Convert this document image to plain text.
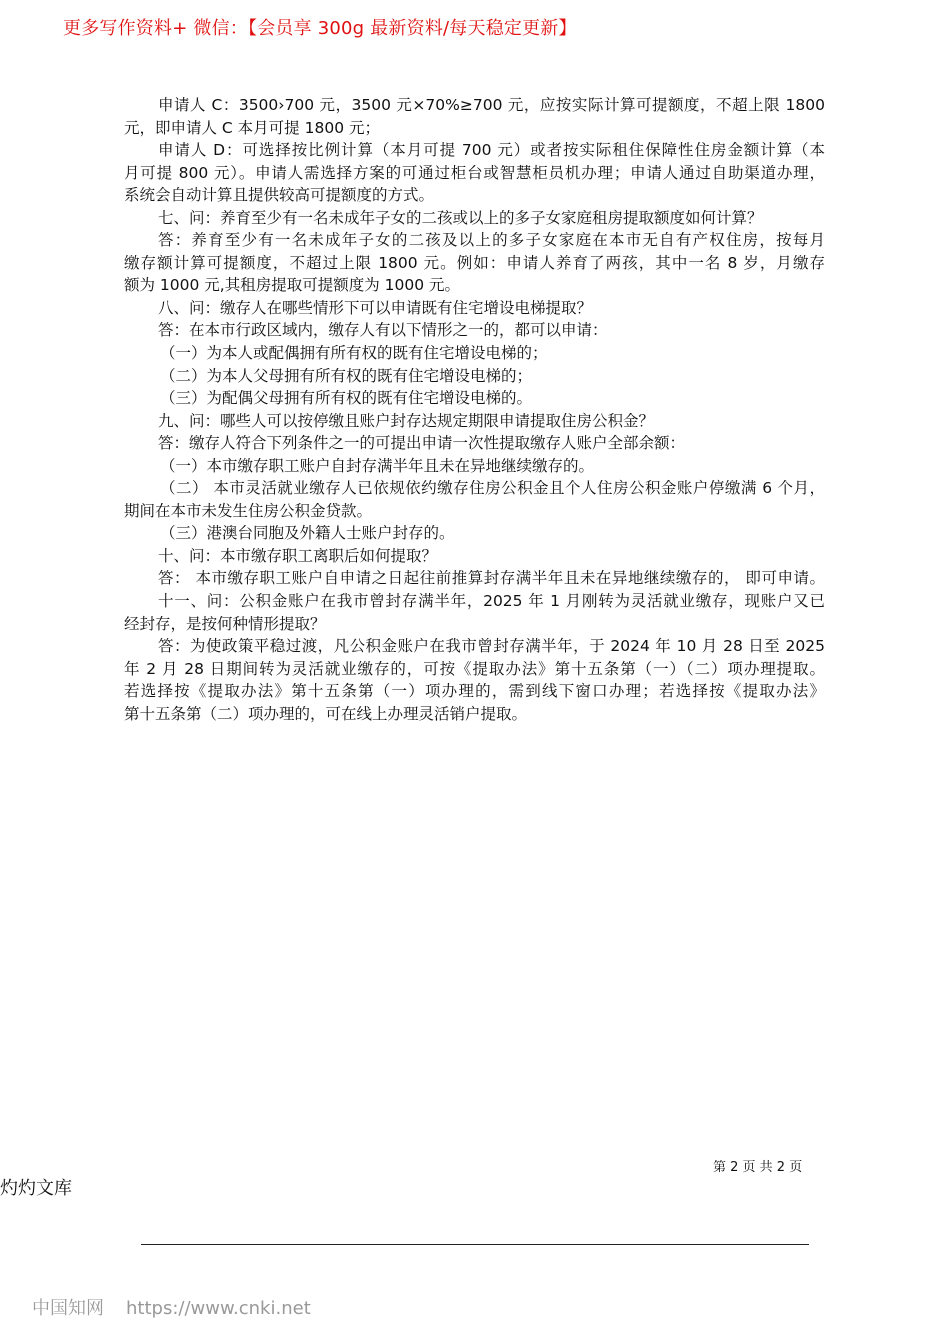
更多写作资料+ 微信：【会员享 300g 最新资料/每天稳定更新】
申请人 C：3500›700 元，3500 元×70%≥700 元，应按实际计算可提额度，不超上限 1800
元，即申请人 C 本月可提 1800 元；
申请人 D：可选择按比例计算（本月可提 700 元）或者按实际租住保障性住房金额计算（本
月可提 800 元）。申请人需选择方案的可通过柜台或智慧柜员机办理；申请人通过自助渠道办理，
系统会自动计算且提供较高可提额度的方式。
七、问：养育至少有一名未成年子女的二孩或以上的多子女家庭租房提取额度如何计算？
答：养育至少有一名未成年子女的二孩及以上的多子女家庭在本市无自有产权住房，按每月
缴存额计算可提额度，不超过上限 1800 元。例如：申请人养育了两孩，其中一名 8 岁，月缴存
额为 1000 元,其租房提取可提额度为 1000 元。
八、问：缴存人在哪些情形下可以申请既有住宅增设电梯提取？
答：在本市行政区域内，缴存人有以下情形之一的，都可以申请：
（一）为本人或配偶拥有所有权的既有住宅增设电梯的；
（二）为本人父母拥有所有权的既有住宅增设电梯的；
（三）为配偶父母拥有所有权的既有住宅增设电梯的。
九、问：哪些人可以按停缴且账户封存达规定期限申请提取住房公积金？
答：缴存人符合下列条件之一的可提出申请一次性提取缴存人账户全部余额：
（一）本市缴存职工账户自封存满半年且未在异地继续缴存的。
（二） 本市灵活就业缴存人已依规依约缴存住房公积金且个人住房公积金账户停缴满 6 个月，
期间在本市未发生住房公积金贷款。
（三）港澳台同胞及外籍人士账户封存的。
十、问：本市缴存职工离职后如何提取？
答： 本市缴存职工账户自申请之日起往前推算封存满半年且未在异地继续缴存的， 即可申请。
十一、问：公积金账户在我市曾封存满半年，2025 年 1 月刚转为灵活就业缴存，现账户又已
经封存，是按何种情形提取？
答：为使政策平稳过渡，凡公积金账户在我市曾封存满半年，于 2024 年 10 月 28 日至 2025
年 2 月 28 日期间转为灵活就业缴存的，可按《提取办法》第十五条第（一）（二）项办理提取。
若选择按《提取办法》第十五条第（一）项办理的，需到线下窗口办理；若选择按《提取办法》
第十五条第（二）项办理的，可在线上办理灵活销户提取。
第 2 页 共 2 页
灼灼文库
中国知网 https://www.cnki.net
